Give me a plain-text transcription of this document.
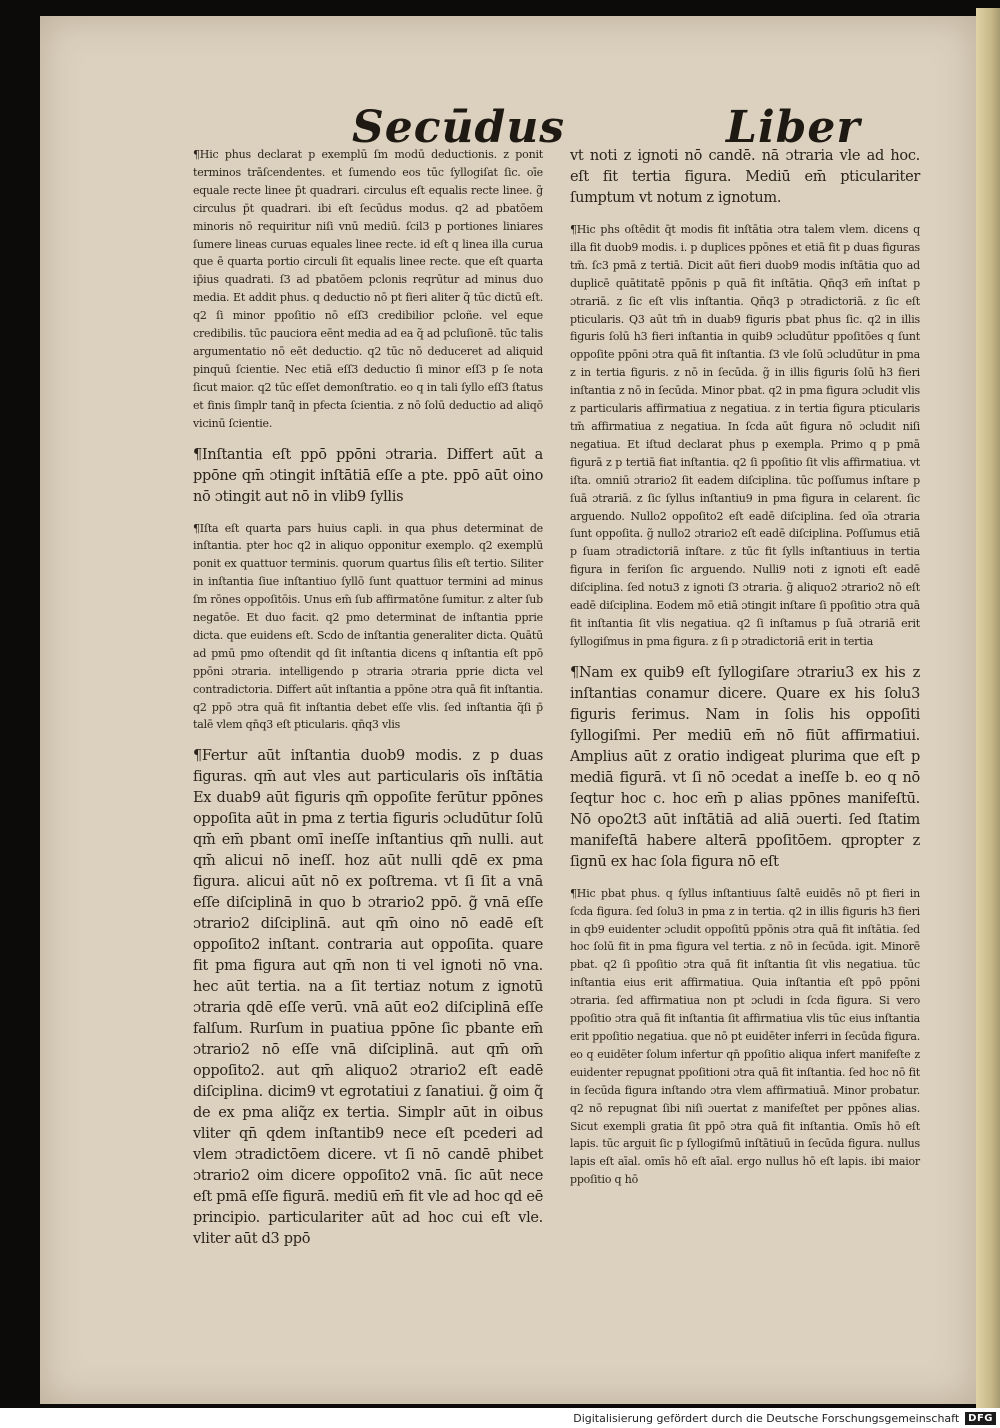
Secūdus	Liber

¶Hic phus declarat p exemplū ſm modū deductionis. z ponit terminos trāſcendentes. et ſumendo eos tūc ſyllogiſat ſic. oīe equale recte linee p̄t quadrari. circulus eſt equalis recte linee. g̃ circulus p̄t quadrari. ibi eſt ſecūdus modus. q2 ad pbatōem minoris nō requiritur niſi vnū mediū. ſcil3 p portiones liniares ſumere lineas curuas equales linee recte. id eſt q linea illa curua que ē quarta portio circuli ſit equalis linee recte. que eſt quarta ip̄ius quadrati. ſ3 ad pbatōem pclonis reqrūtur ad minus duo media. Et addit phus. q deductio nō pt fieri aliter q̃ tūc dictū eſt. q2 ſi minor ppoſitio nō eſſ3 credibilior pcloñe. vel eque credibilis. tūc pauciora eēnt media ad ea q̃ ad pcluſionē. tūc talis argumentatio nō eēt deductio. q2 tūc nō deduceret ad aliquid pinquū ſcientie. Nec etiā eſſ3 deductio ſi minor eſſ3 p ſe nota ſicut maior. q2 tūc eſſet demonſtratio. eo q in tali ſyllo eſſ3 ſtatus et finis ſimplr tanq̃ in pfecta ſcientia. z nō ſolū deductio ad aliqō vicinū ſcientie.

¶Inſtantia eſt ppō ppōni ɔtraria. Differt aūt a ppōne qm̄ ɔtingit inſtātiā eſſe a pte. ppō aūt oino nō ɔtingit aut nō in vlib9 ſyllis

¶Iſta eſt quarta pars huius capli. in qua phus determinat de inſtantia. pter hoc q2 in aliquo opponitur exemplo. q2 exemplū ponit ex quattuor terminis. quorum quartus ſilis eſt tertio. Siliter in inſtantia ſiue inſtantiuo ſyllō ſunt quattuor termini ad minus ſm rōnes oppoſitōis. Unus em̄ ſub affirmatōne ſumitur. z alter ſub negatōe. Et duo facit. q2 pmo determinat de inſtantia pprie dicta. que euidens eſt. Scdo de inſtantia generaliter dicta. Quātū ad pmū pmo oſtendit qd ſit inſtantia dicens q inſtantia eſt ppō ppōni ɔtraria. intelligendo p ɔtraria ɔtraria pprie dicta vel contradictoria. Differt aūt inſtantia a ppōne ɔtra quā fit inſtantia. q2 ppō ɔtra quā fit inſtantia debet eſſe vlis. ſed inſtantia q̃ſi p̄ talē vlem qn̄q3 eſt pticularis. qn̄q3 vlis

¶Fertur aūt inſtantia duob9 modis. z p duas figuras. qm̄ aut vles aut particularis oīs inſtātia Ex duab9 aūt figuris qm̄ oppoſite ferūtur ppōnes oppoſita aūt in pma z tertia figuris ɔcludūtur ſolū qm̄ em̄ pbant omī ineſſe inſtantius qm̄ nulli. aut qm̄ alicui nō ineſſ. hoz aūt nulli qdē ex pma figura. alicui aūt nō ex poſtrema. vt ſi ſit a vnā eſſe diſciplinā in quo b ɔtrario2 ppō. g̃ vnā eſſe ɔtrario2 diſciplinā. aut qm̄ oino nō eadē eſt oppoſito2 inſtant. contraria aut oppoſita. quare fit pma figura aut qm̄ non ti vel ignoti nō vna. hec aūt tertia. na a ſit tertiaz notum z ignotū ɔtraria qdē eſſe verū. vnā aūt eo2 diſciplinā eſſe falſum. Rurſum in puatiua ppōne ſic pbante em̄ ɔtrario2 nō eſſe vnā diſciplinā. aut qm̄ om̄ oppoſito2. aut qm̄ aliquo2 ɔtrario2 eſt eadē diſciplina. dicim9 vt egrotatiui z ſanatiui. g̃ oim q̃ de ex pma aliq̃z ex tertia. Simplr aūt in oibus vliter qn̄ qdem inſtantib9 nece eſt pcederi ad vlem ɔtradictōem dicere. vt ſi nō candē phibet ɔtrario2 oim dicere oppoſito2 vnā. ſic aūt nece eſt pmā eſſe figurā. mediū em̄ fit vle ad hoc qd eē principio. particulariter aūt ad hoc cui eſt vle. vliter aūt d3 ppō

vt noti z ignoti nō candē. nā ɔtraria vle ad hoc. eſt fit tertia figura. Mediū em̄ pticulariter ſumptum vt notum z ignotum.

¶Hic phs oſtēdit q̄t modis fit inſtātia ɔtra talem vlem. dicens q illa fit duob9 modis. i. p duplices ppōnes et etiā fit p duas figuras tm̄. ſc3 pmā z tertiā. Dicit aūt fieri duob9 modis inſtātia quo ad duplicē quātitatē ppōnis p quā fit inſtātia. Qn̄q3 em̄ inſtat p ɔtrariā. z ſic eſt vlis inſtantia. Qn̄q3 p ɔtradictoriā. z ſic eſt pticularis. Q3 aūt tm̄ in duab9 figuris pbat phus ſic. q2 in illis figuris ſolū h3 fieri inſtantia in quib9 ɔcludūtur ppoſitōes q ſunt oppoſite ppōni ɔtra quā fit inſtantia. ſ3 vle ſolū ɔcludūtur in pma z in tertia figuris. z nō in ſecūda. g̃ in illis figuris ſolū h3 fieri inſtantia z nō in ſecūda. Minor pbat. q2 in pma figura ɔcludit vlis z particularis affirmatiua z negatiua. z in tertia figura pticularis tm̄ affirmatiua z negatiua. In ſcda aūt figura nō ɔcludit niſi negatiua. Et iſtud declarat phus p exempla. Primo q p pmā figurā z p tertiā fiat inſtantia. q2 ſi ppoſitio ſit vlis affirmatiua. vt iſta. omniū ɔtrario2 ſit eadem diſciplina. tūc poſſumus inſtare p ſuā ɔtrariā. z ſic ſyllus inſtantiu9 in pma figura in celarent. ſic arguendo. Nullo2 oppoſito2 eſt eadē diſciplina. ſed oīa ɔtraria ſunt oppoſita. g̃ nullo2 ɔtrario2 eſt eadē diſciplina. Poſſumus etiā p ſuam ɔtradictoriā inſtare. z tūc fit ſylls inſtantiuus in tertia figura in feriſon ſic arguendo. Nulli9 noti z ignoti eſt eadē diſciplina. ſed notu3 z ignoti ſ3 ɔtraria. g̃ aliquo2 ɔtrario2 nō eſt eadē diſciplina. Eodem mō etiā ɔtingit inſtare ſi ppoſitio ɔtra quā fit inſtantia ſit vlis negatiua. q2 ſi inſtamus p ſuā ɔtrariā erit ſyllogiſmus in pma figura. z ſi p ɔtradictoriā erit in tertia

¶Nam ex quib9 eſt ſyllogiſare ɔtrariu3 ex his z inſtantias conamur dicere. Quare ex his ſolu3 figuris ferimus. Nam in ſolis his oppoſiti ſyllogiſmi. Per mediū em̄ nō fiūt affirmatiui. Amplius aūt z oratio indigeat plurima que eſt p mediā figurā. vt ſi nō ɔcedat a ineſſe b. eo q nō ſeqtur hoc c. hoc em̄ p alias ppōnes manifeſtū. Nō opo2t3 aūt inſtātiā ad aliā ɔuerti. ſed ſtatim manifeſtā habere alterā ppoſitōem. qpropter z ſignū ex hac ſola figura nō eſt

¶Hic pbat phus. q ſyllus inſtantiuus ſaltē euidēs nō pt fieri in ſcda figura. ſed ſolu3 in pma z in tertia. q2 in illis figuris h3 fieri in qb9 euidenter ɔcludit oppoſitū ppōnis ɔtra quā fit inſtātia. ſed hoc ſolū fit in pma figura vel tertia. z nō in ſecūda. igit. Minorē pbat. q2 ſi ppoſitio ɔtra quā fit inſtantia ſit vlis negatiua. tūc inſtantia eius erit affirmatiua. Quia inſtantia eſt ppō ppōni ɔtraria. ſed affirmatiua non pt ɔcludi in ſcda figura. Si vero ppoſitio ɔtra quā fit inſtantia ſit affirmatiua vlis tūc eius inſtantia erit ppoſitio negatiua. que nō pt euidēter inferri in ſecūda figura. eo q euidēter ſolum infertur qn̄ ppoſitio aliqua infert manifeſte z euidenter repugnat ppoſitioni ɔtra quā fit inſtantia. ſed hoc nō fit in ſecūda figura inſtando ɔtra vlem affirmatiuā. Minor probatur. q2 nō repugnat ſibi niſi ɔuertat z manifeſtet per ppōnes alias. Sicut exempli gratia ſit ppō ɔtra quā fit inſtantia. Omīs hō eſt lapis. tūc arguit ſic p ſyllogiſmū inſtātiuū in ſecūda figura. nullus lapis eſt aīal. omīs hō eſt aīal. ergo nullus hō eſt lapis. ibi maior ppoſitio q hō

Digitalisierung gefördert durch die Deutsche Forschungsgemeinschaft DFG
